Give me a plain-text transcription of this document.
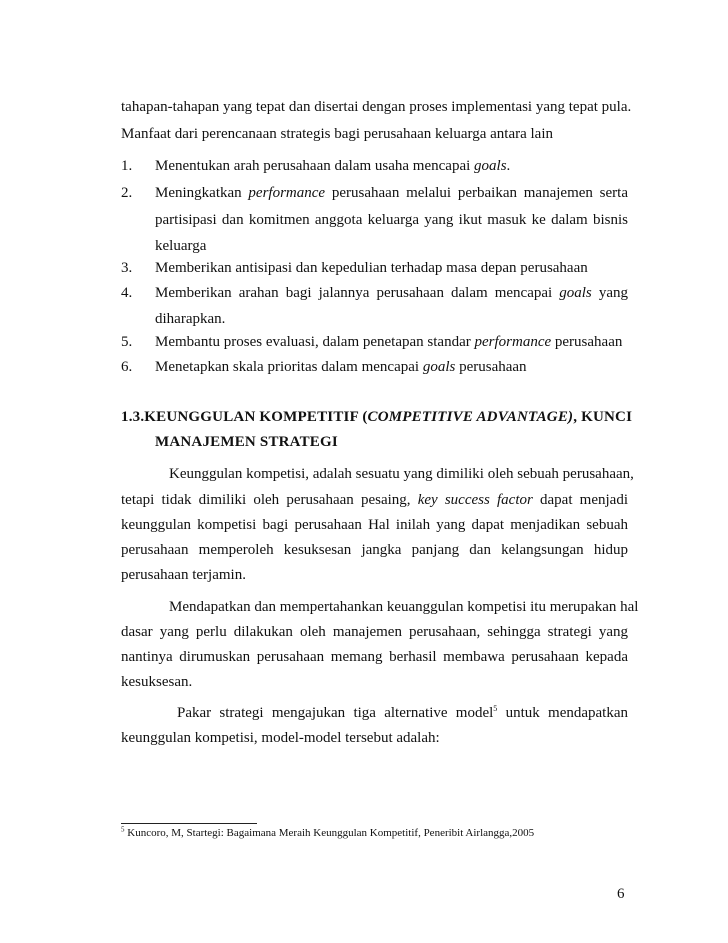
tahapan-tahapan yang tepat dan disertai dengan proses implementasi yang tepat pula.
Manfaat dari perencanaan strategis bagi perusahaan keluarga antara lain
1.	Menentukan arah perusahaan dalam usaha mencapai goals.
2.	Meningkatkan performance perusahaan melalui perbaikan manajemen serta
partisipasi dan komitmen anggota keluarga yang ikut masuk ke dalam bisnis
keluarga
3.	Memberikan antisipasi dan kepedulian terhadap masa depan perusahaan
4.	Memberikan arahan bagi jalannya perusahaan dalam mencapai goals yang
diharapkan.
5.	Membantu proses evaluasi, dalam penetapan standar performance perusahaan
6.	Menetapkan skala prioritas dalam mencapai goals perusahaan
1.3.KEUNGGULAN KOMPETITIF (COMPETITIVE ADVANTAGE), KUNCI
MANAJEMEN STRATEGI
Keunggulan kompetisi, adalah sesuatu yang dimiliki oleh sebuah perusahaan,
tetapi tidak dimiliki oleh perusahaan pesaing, key success factor dapat menjadi
keunggulan kompetisi bagi perusahaan Hal inilah yang dapat menjadikan sebuah
perusahaan memperoleh kesuksesan jangka panjang dan kelangsungan hidup
perusahaan terjamin.
Mendapatkan dan mempertahankan keuanggulan kompetisi itu merupakan hal
dasar yang perlu dilakukan oleh manajemen perusahaan, sehingga strategi yang
nantinya dirumuskan perusahaan memang berhasil membawa perusahaan kepada
kesuksesan.
Pakar strategi mengajukan tiga alternative model$^5$ untuk mendapatkan
keunggulan kompetisi, model-model tersebut adalah:
$^5$ Kuncoro, M, Startegi: Bagaimana Meraih Keunggulan Kompetitif, Peneribit Airlangga,2005
6
